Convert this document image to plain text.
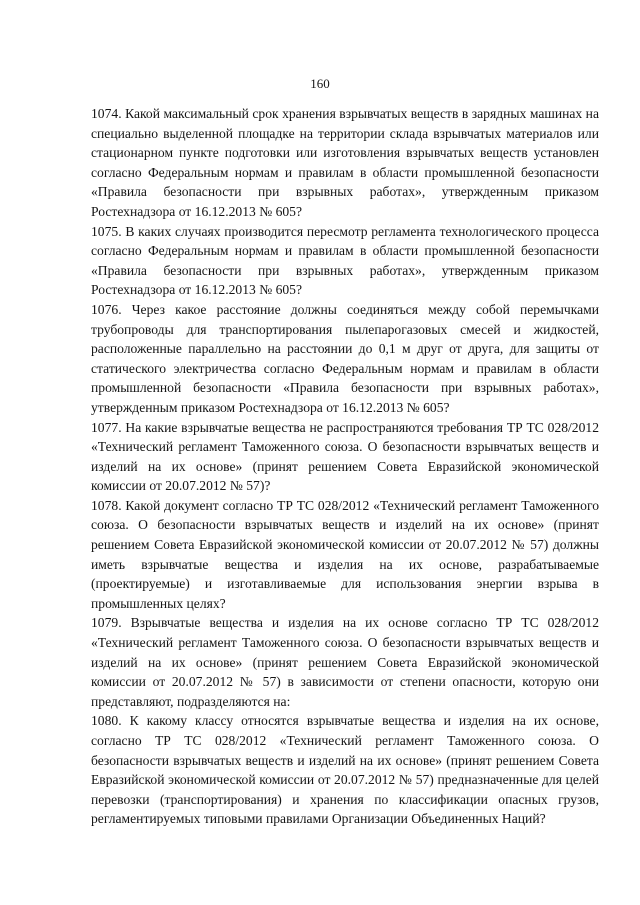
160

1074. Какой максимальный срок хранения взрывчатых веществ в зарядных машинах на специально выделенной площадке на территории склада взрывчатых материалов или стационарном пункте подготовки или изготовления взрывчатых веществ установлен согласно Федеральным нормам и правилам в области промышленной безопасности «Правила безопасности при взрывных работах», утвержденным приказом Ростехнадзора от 16.12.2013 № 605?

1075. В каких случаях производится пересмотр регламента технологического процесса согласно Федеральным нормам и правилам в области промышленной безопасности «Правила безопасности при взрывных работах», утвержденным приказом Ростехнадзора от 16.12.2013 № 605?

1076. Через какое расстояние должны соединяться между собой перемычками трубопроводы для транспортирования пылепарогазовых смесей и жидкостей, расположенные параллельно на расстоянии до 0,1 м друг от друга, для защиты от статического электричества согласно Федеральным нормам и правилам в области промышленной безопасности «Правила безопасности при взрывных работах», утвержденным приказом Ростехнадзора от 16.12.2013 № 605?

1077. На какие взрывчатые вещества не распространяются требования ТР ТС 028/2012 «Технический регламент Таможенного союза. О безопасности взрывчатых веществ и изделий на их основе» (принят решением Совета Евразийской экономической комиссии от 20.07.2012 № 57)?

1078. Какой документ согласно ТР ТС 028/2012 «Технический регламент Таможенного союза. О безопасности взрывчатых веществ и изделий на их основе» (принят решением Совета Евразийской экономической комиссии от 20.07.2012 № 57) должны иметь взрывчатые вещества и изделия на их основе, разрабатываемые (проектируемые) и изготавливаемые для использования энергии взрыва в промышленных целях?

1079. Взрывчатые вещества и изделия на их основе согласно ТР ТС 028/2012 «Технический регламент Таможенного союза. О безопасности взрывчатых веществ и изделий на их основе» (принят решением Совета Евразийской экономической комиссии от 20.07.2012 № 57) в зависимости от степени опасности, которую они представляют, подразделяются на:

1080. К какому классу относятся взрывчатые вещества и изделия на их основе, согласно ТР ТС 028/2012 «Технический регламент Таможенного союза. О безопасности взрывчатых веществ и изделий на их основе» (принят решением Совета Евразийской экономической комиссии от 20.07.2012 № 57) предназначенные для целей перевозки (транспортирования) и хранения по классификации опасных грузов, регламентируемых типовыми правилами Организации Объединенных Наций?
